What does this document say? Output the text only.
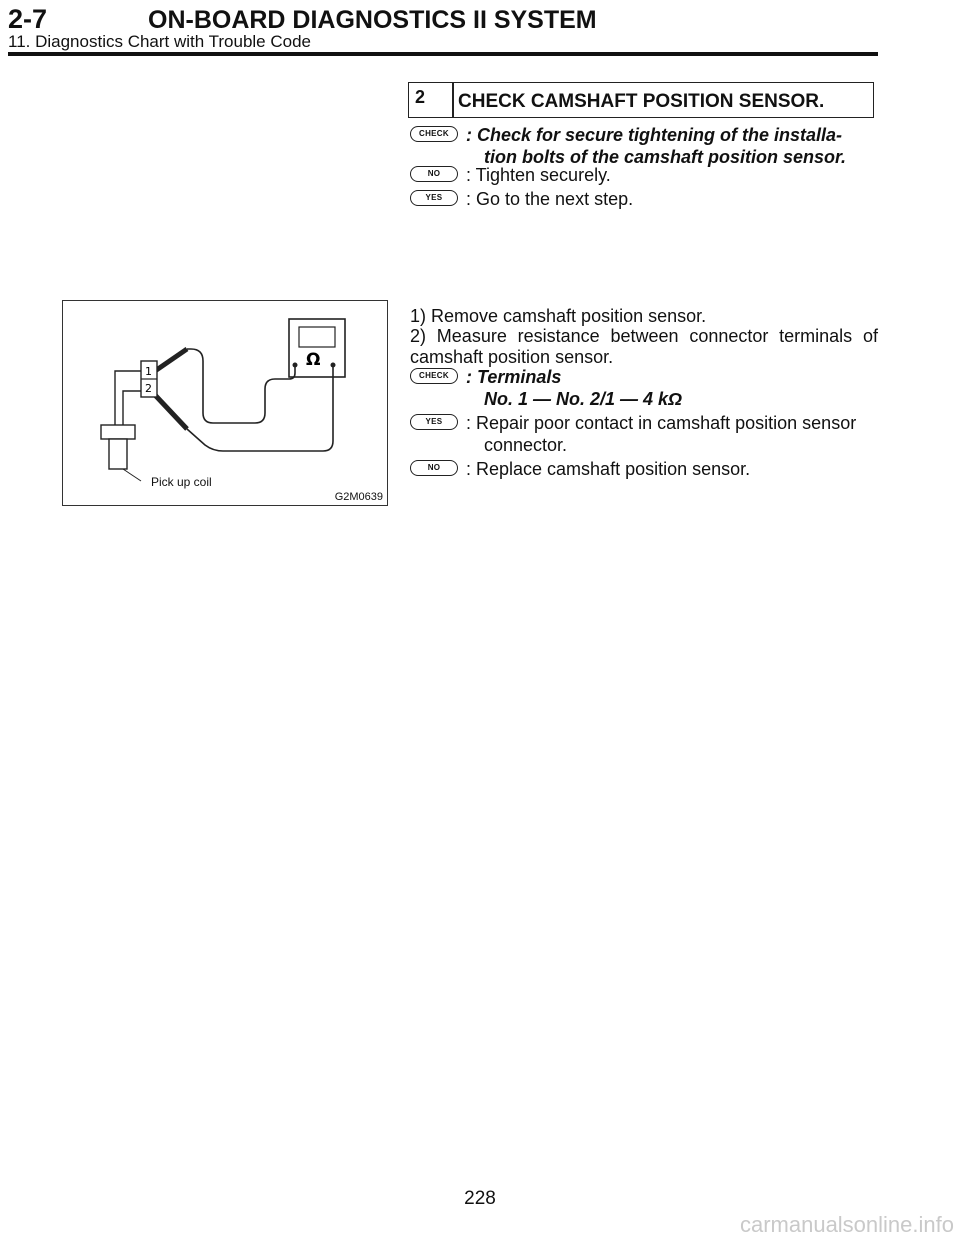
2-7	ON-BOARD DIAGNOSTICS II SYSTEM
11. Diagnostics Chart with Trouble Code
2 CHECK CAMSHAFT POSITION SENSOR.
CHECK : Check for secure tightening of the installa-
tion bolts of the camshaft position sensor.
NO	: Tighten securely.
YES	: Go to the next step.
Ω
1
2
Pick up coil
G2M0639
1) Remove camshaft position sensor.
2) Measure resistance between connector terminals of camshaft position sensor.
CHECK : Terminals
No. 1 — No. 2/1 — 4 kΩ
YES	: Repair poor contact in camshaft position sensor
connector.
NO	: Replace camshaft position sensor.
228
carmanualsonline.info
